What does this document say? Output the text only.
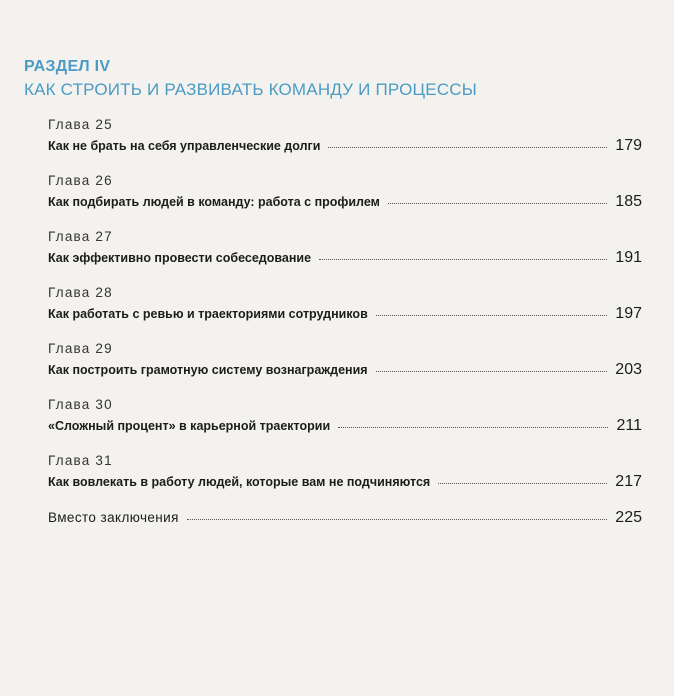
РАЗДЕЛ IV
КАК СТРОИТЬ И РАЗВИВАТЬ КОМАНДУ И ПРОЦЕССЫ
Глава 25
Как не брать на себя управленческие долги	179
Глава 26
Как подбирать людей в команду: работа с профилем	185
Глава 27
Как эффективно провести собеседование	191
Глава 28
Как работать с ревью и траекториями сотрудников	197
Глава 29
Как построить грамотную систему вознаграждения	203
Глава 30
«Сложный процент» в карьерной траектории	211
Глава 31
Как вовлекать в работу людей, которые вам не подчиняются	217
Вместо заключения	225
